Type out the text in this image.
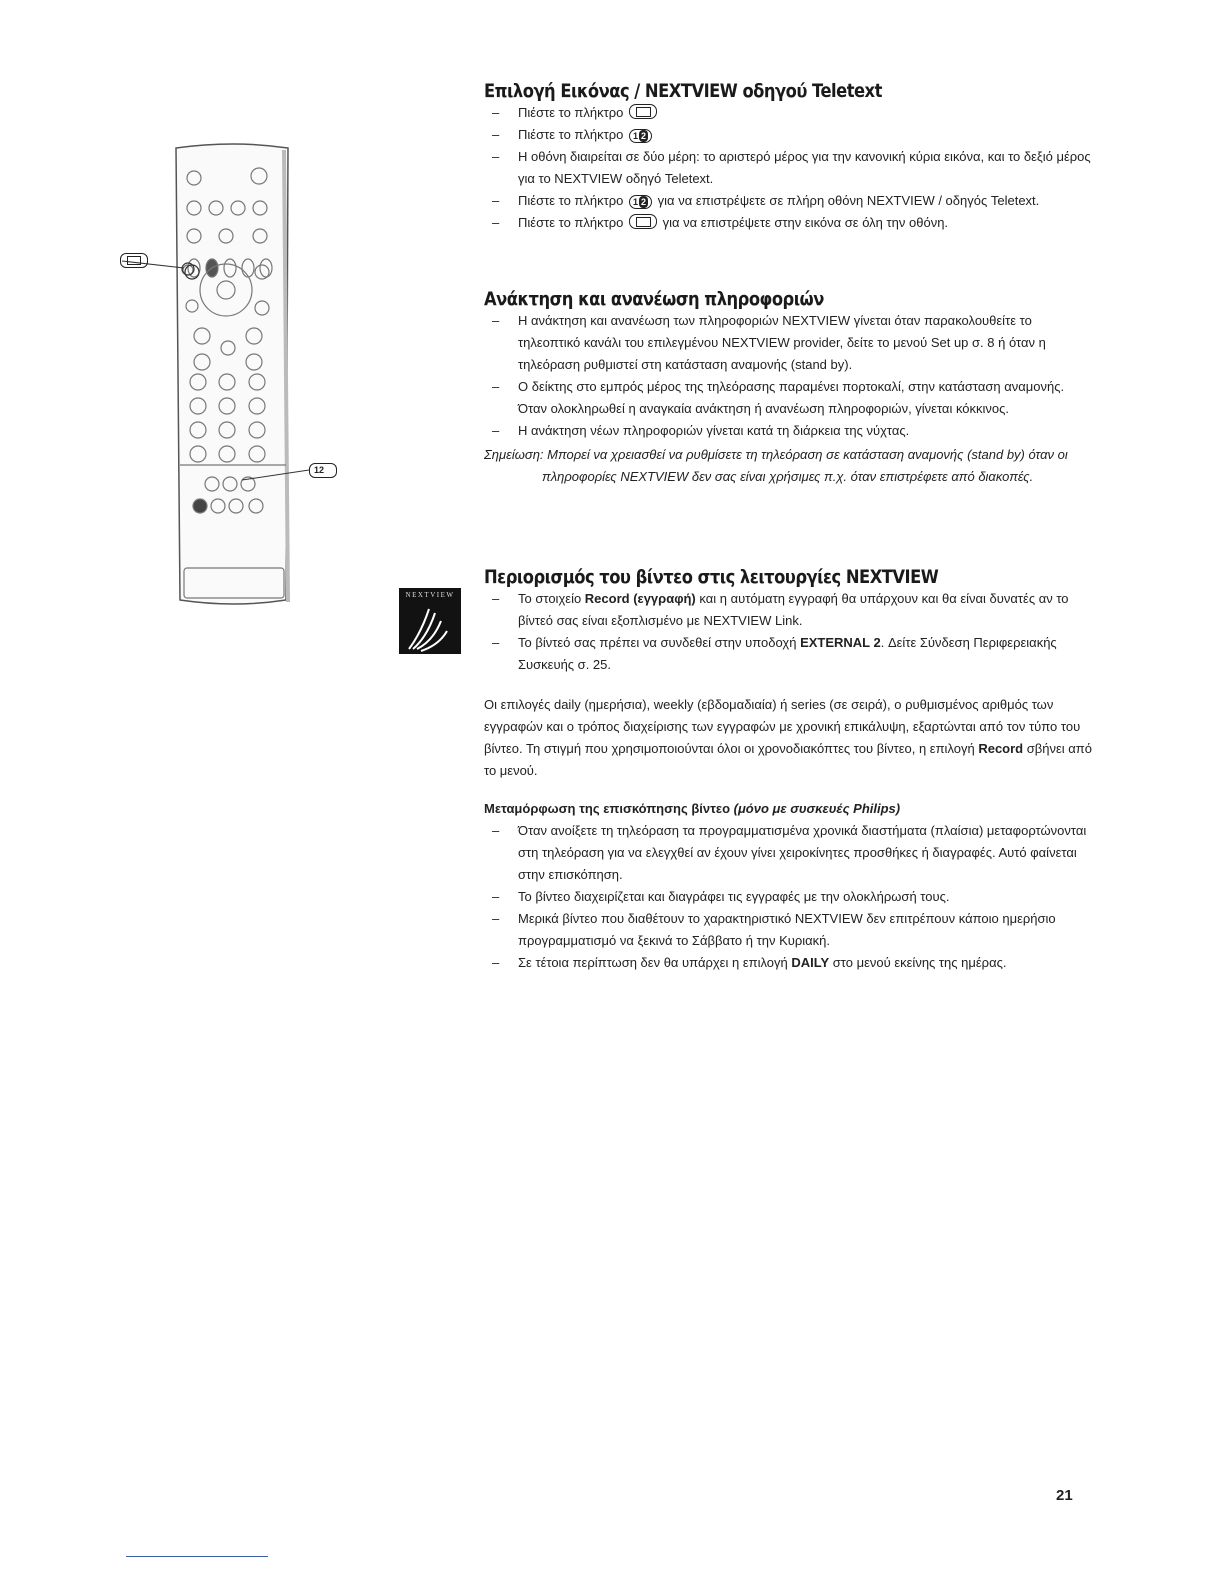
12
NEXTVIEW
Επιλογή Εικόνας / NEXTVIEW οδηγού Teletext
– Πιέστε το πλήκτρο
– Πιέστε το πλήκτρο 1 2
– Η οθόνη διαιρείται σε δύο μέρη: το αριστερό μέρος για την κανονική κύρια εικόνα, και το δεξιό μέρος για το NEXTVIEW οδηγό Teletext.
– Πιέστε το πλήκτρο 1 2 για να επιστρέψετε σε πλήρη οθόνη NEXTVIEW / οδηγός Teletext.
– Πιέστε το πλήκτρο	για να επιστρέψετε στην εικόνα σε όλη την οθόνη.
Ανάκτηση και ανανέωση πληροφοριών
– Η ανάκτηση και ανανέωση των πληροφοριών NEXTVIEW γίνεται όταν παρακολουθείτε το τηλεοπτικό κανάλι του επιλεγμένου NEXTVIEW provider, δείτε το μενού Set up σ. 8 ή όταν η τηλεόραση ρυθμιστεί στη κατάσταση αναμονής (stand by).
– Ο δείκτης στο εμπρός μέρος της τηλεόρασης παραμένει πορτοκαλί, στην κατάσταση αναμονής. Όταν ολοκληρωθεί η αναγκαία ανάκτηση ή ανανέωση πληροφοριών, γίνεται κόκκινος.
– Η ανάκτηση νέων πληροφοριών γίνεται κατά τη διάρκεια της νύχτας.
Σημείωση: Μπορεί να χρειασθεί να ρυθμίσετε τη τηλεόραση σε κατάσταση αναμονής (stand by) όταν οι
πληροφορίες NEXTVIEW δεν σας είναι χρήσιμες π.χ. όταν επιστρέφετε από διακοπές.
Περιορισμός του βίντεο στις λειτουργίες NEXTVIEW
– Το στοιχείο Record (εγγραφή) και η αυτόματη εγγραφή θα υπάρχουν και θα είναι δυνατές αν το βίντεό σας είναι εξοπλισμένο με NEXTVIEW Link.
– Το βίντεό σας πρέπει να συνδεθεί στην υποδοχή EXTERNAL 2. Δείτε Σύνδεση Περιφερειακής Συσκευής σ. 25.

Οι επιλογές daily (ημερήσια), weekly (εβδομαδιαία) ή series (σε σειρά), ο ρυθμισμένος αριθμός των εγγραφών και ο τρόπος διαχείρισης των εγγραφών με χρονική επικάλυψη, εξαρτώνται από τον τύπο του βίντεο. Τη στιγμή που χρησιμοποιούνται όλοι οι χρονοδιακόπτες του βίντεο, η επιλογή Record σβήνει από το μενού.

Μεταμόρφωση της επισκόπησης βίντεο (μόνο με συσκευές Philips)
– Όταν ανοίξετε τη τηλεόραση τα προγραμματισμένα χρονικά διαστήματα (πλαίσια) μεταφορτώνονται στη τηλεόραση για να ελεγχθεί αν έχουν γίνει χειροκίνητες προσθήκες ή διαγραφές. Αυτό φαίνεται στην επισκόπηση.
– Το βίντεο διαχειρίζεται και διαγράφει τις εγγραφές με την ολοκλήρωσή τους.
– Μερικά βίντεο που διαθέτουν το χαρακτηριστικό NEXTVIEW δεν επιτρέπουν κάποιο ημερήσιο προγραμματισμό να ξεκινά το Σάββατο ή την Κυριακή.
– Σε τέτοια περίπτωση δεν θα υπάρχει η επιλογή DAILY στο μενού εκείνης της ημέρας.
21
